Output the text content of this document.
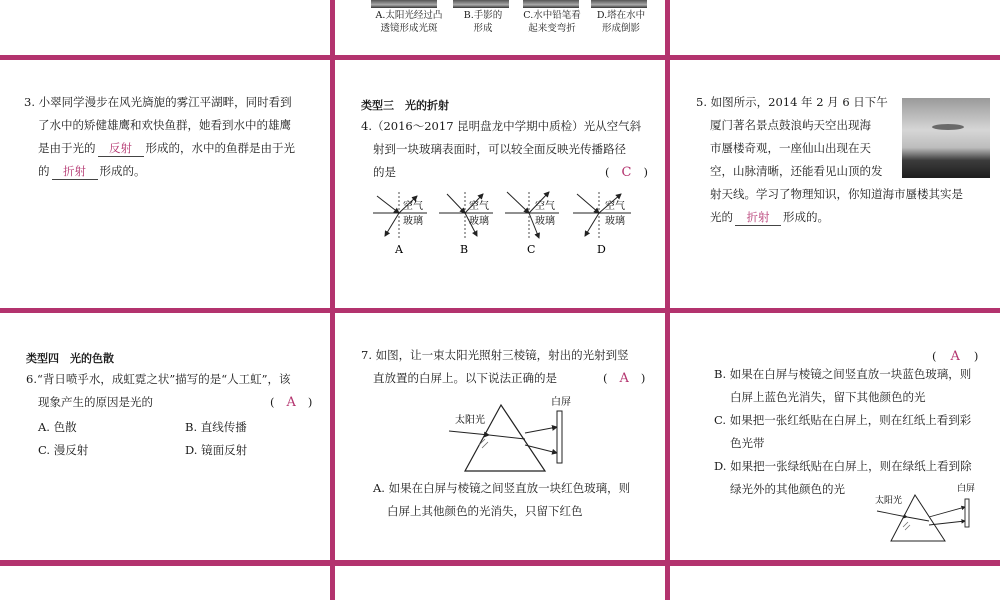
A.太阳光经过凸
透镜形成光斑
B.手影的
形成
C.水中铅笔看
起来变弯折
D.塔在水中
形成倒影
3. 小翠同学漫步在风光旖旎的雾江平湖畔，同时看到
了水中的矫健雄鹰和欢快鱼群，她看到水中的雄鹰
是由于光的 反射 形成的，水中的鱼群是由于光
的 折射 形成的。
类型三　光的折射
4.（2016～2017 昆明盘龙中学期中质检）光从空气斜
射到一块玻璃表面时，可以较全面反映光传播路径
的是	( C )
空气
玻璃
A
空气
玻璃
B
空气
玻璃
C
空气
玻璃
D
5. 如图所示，2014 年 2 月 6 日下午
厦门著名景点鼓浪屿天空出现海
市蜃楼奇观，一座仙山出现在天
空，山脉清晰，还能看见山顶的发
射天线。学习了物理知识，你知道海市蜃楼其实是
光的 折射 形成的。
类型四　光的色散
6.“背日喷乎水，成虹霓之状”描写的是“人工虹”，该
现象产生的原因是光的	( A )
A. 色散	B. 直线传播
C. 漫反射	D. 镜面反射
7. 如图，让一束太阳光照射三棱镜，射出的光射到竖
直放置的白屏上。以下说法正确的是	( A )
太阳光
白屏
A. 如果在白屏与棱镜之间竖直放一块红色玻璃，则
白屏上其他颜色的光消失，只留下红色
( A )
B. 如果在白屏与棱镜之间竖直放一块蓝色玻璃，则
白屏上蓝色光消失，留下其他颜色的光
C. 如果把一张红纸贴在白屏上，则在红纸上看到彩
色光带
D. 如果把一张绿纸贴在白屏上，则在绿纸上看到除
绿光外的其他颜色的光
太阳光
白屏
